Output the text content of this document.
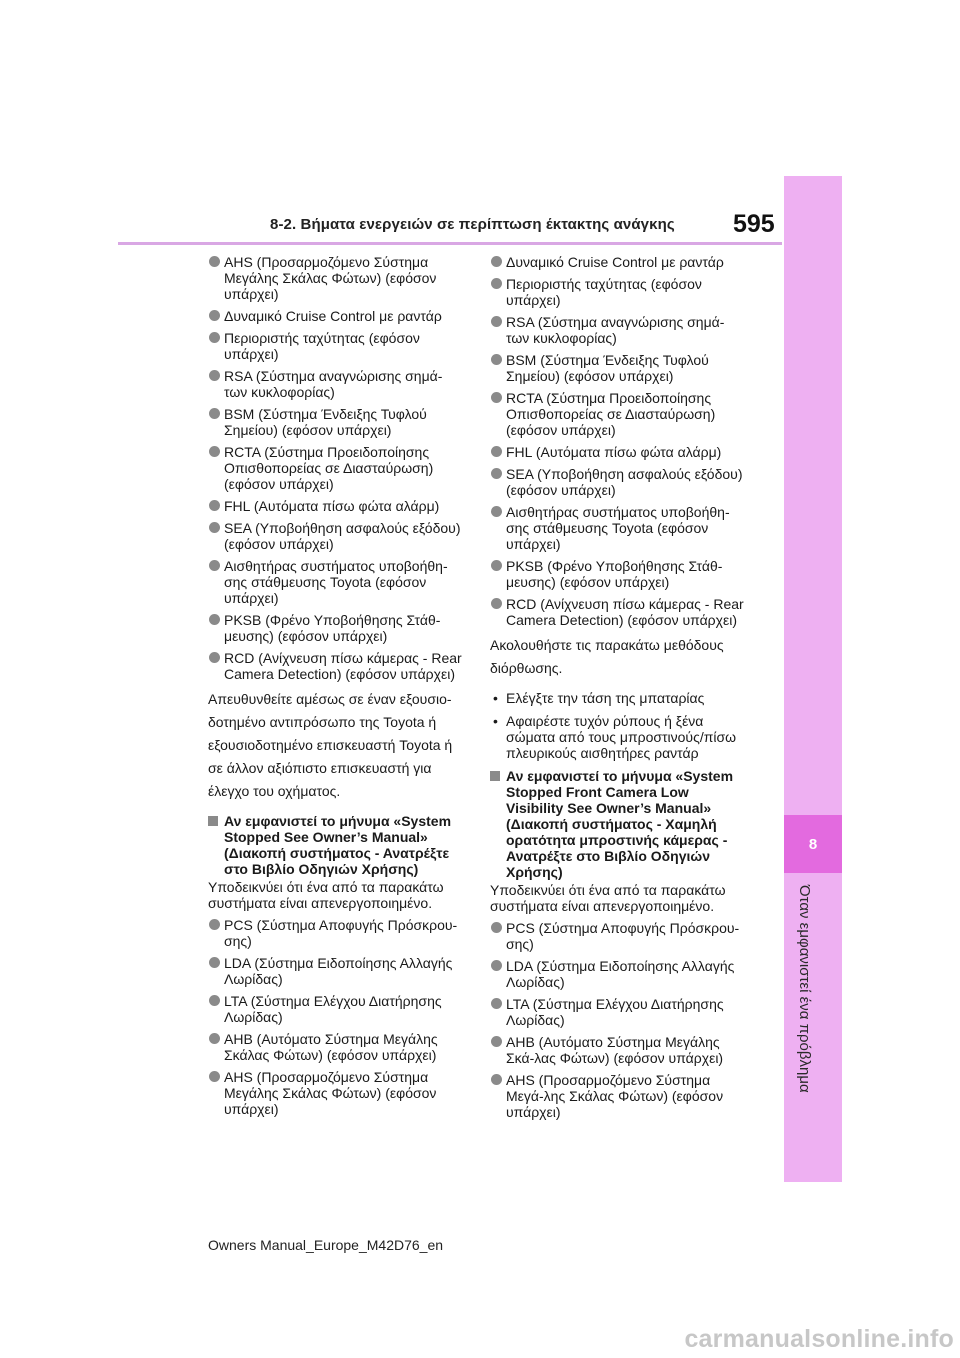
8-2. Βήματα ενεργειών σε περίπτωση έκτακτης ανάγκης 595
8
Όταν εμφανιστεί ένα πρόβλημα
AHS (Προσαρμοζόμενο Σύστημα Μεγάλης Σκάλας Φώτων) (εφόσον υπάρχει)
Δυναμικό Cruise Control με ραντάρ
Περιοριστής ταχύτητας (εφόσον υπάρχει)
RSA (Σύστημα αναγνώρισης σημά-των κυκλοφορίας)
BSM (Σύστημα Ένδειξης Τυφλού Σημείου) (εφόσον υπάρχει)
RCTA (Σύστημα Προειδοποίησης Οπισθοπορείας σε Διασταύρωση) (εφόσον υπάρχει)
FHL (Αυτόματα πίσω φώτα αλάρμ)
SEA (Υποβοήθηση ασφαλούς εξόδου) (εφόσον υπάρχει)
Αισθητήρας συστήματος υποβοήθη-σης στάθμευσης Toyota (εφόσον υπάρχει)
PKSB (Φρένο Υποβοήθησης Στάθ-μευσης) (εφόσον υπάρχει)
RCD (Ανίχνευση πίσω κάμερας - Rear Camera Detection) (εφόσον υπάρχει)
Απευθυνθείτε αμέσως σε έναν εξουσιο-δοτημένο αντιπρόσωπο της Toyota ή εξουσιοδοτημένο επισκευαστή Toyota ή σε άλλον αξιόπιστο επισκευαστή για έλεγχο του οχήματος.
Αν εμφανιστεί το μήνυμα «System Stopped See Owner’s Manual» (Διακοπή συστήματος - Ανατρέξτε στο Βιβλίο Οδηγιών Χρήσης)
Υποδεικνύει ότι ένα από τα παρακάτω συστήματα είναι απενεργοποιημένο.
PCS (Σύστημα Αποφυγής Πρόσκρου-σης)
LDA (Σύστημα Ειδοποίησης Αλλαγής Λωρίδας)
LTA (Σύστημα Ελέγχου Διατήρησης Λωρίδας)
AHB (Αυτόματο Σύστημα Μεγάλης Σκάλας Φώτων) (εφόσον υπάρχει)
AHS (Προσαρμοζόμενο Σύστημα Μεγάλης Σκάλας Φώτων) (εφόσον υπάρχει)
Δυναμικό Cruise Control με ραντάρ
Περιοριστής ταχύτητας (εφόσον υπάρχει)
RSA (Σύστημα αναγνώρισης σημά-των κυκλοφορίας)
BSM (Σύστημα Ένδειξης Τυφλού Σημείου) (εφόσον υπάρχει)
RCTA (Σύστημα Προειδοποίησης Οπισθοπορείας σε Διασταύρωση) (εφόσον υπάρχει)
FHL (Αυτόματα πίσω φώτα αλάρμ)
SEA (Υποβοήθηση ασφαλούς εξόδου) (εφόσον υπάρχει)
Αισθητήρας συστήματος υποβοήθη-σης στάθμευσης Toyota (εφόσον υπάρχει)
PKSB (Φρένο Υποβοήθησης Στάθ-μευσης) (εφόσον υπάρχει)
RCD (Ανίχνευση πίσω κάμερας - Rear Camera Detection) (εφόσον υπάρχει)
Ακολουθήστε τις παρακάτω μεθόδους διόρθωσης.
• Ελέγξτε την τάση της μπαταρίας
• Αφαιρέστε τυχόν ρύπους ή ξένα σώματα από τους μπροστινούς/πίσω πλευρικούς αισθητήρες ραντάρ
Αν εμφανιστεί το μήνυμα «System Stopped Front Camera Low Visibility See Owner’s Manual» (Διακοπή συστήματος - Χαμηλή ορατότητα μπροστινής κάμερας - Ανατρέξτε στο Βιβλίο Οδηγιών Χρήσης)
Υποδεικνύει ότι ένα από τα παρακάτω συστήματα είναι απενεργοποιημένο.
PCS (Σύστημα Αποφυγής Πρόσκρου-σης)
LDA (Σύστημα Ειδοποίησης Αλλαγής Λωρίδας)
LTA (Σύστημα Ελέγχου Διατήρησης Λωρίδας)
AHB (Αυτόματο Σύστημα Μεγάλης Σκά-λας Φώτων) (εφόσον υπάρχει)
AHS (Προσαρμοζόμενο Σύστημα Μεγά-λης Σκάλας Φώτων) (εφόσον υπάρχει)
Owners Manual_Europe_M42D76_en
carmanualsonline.info
